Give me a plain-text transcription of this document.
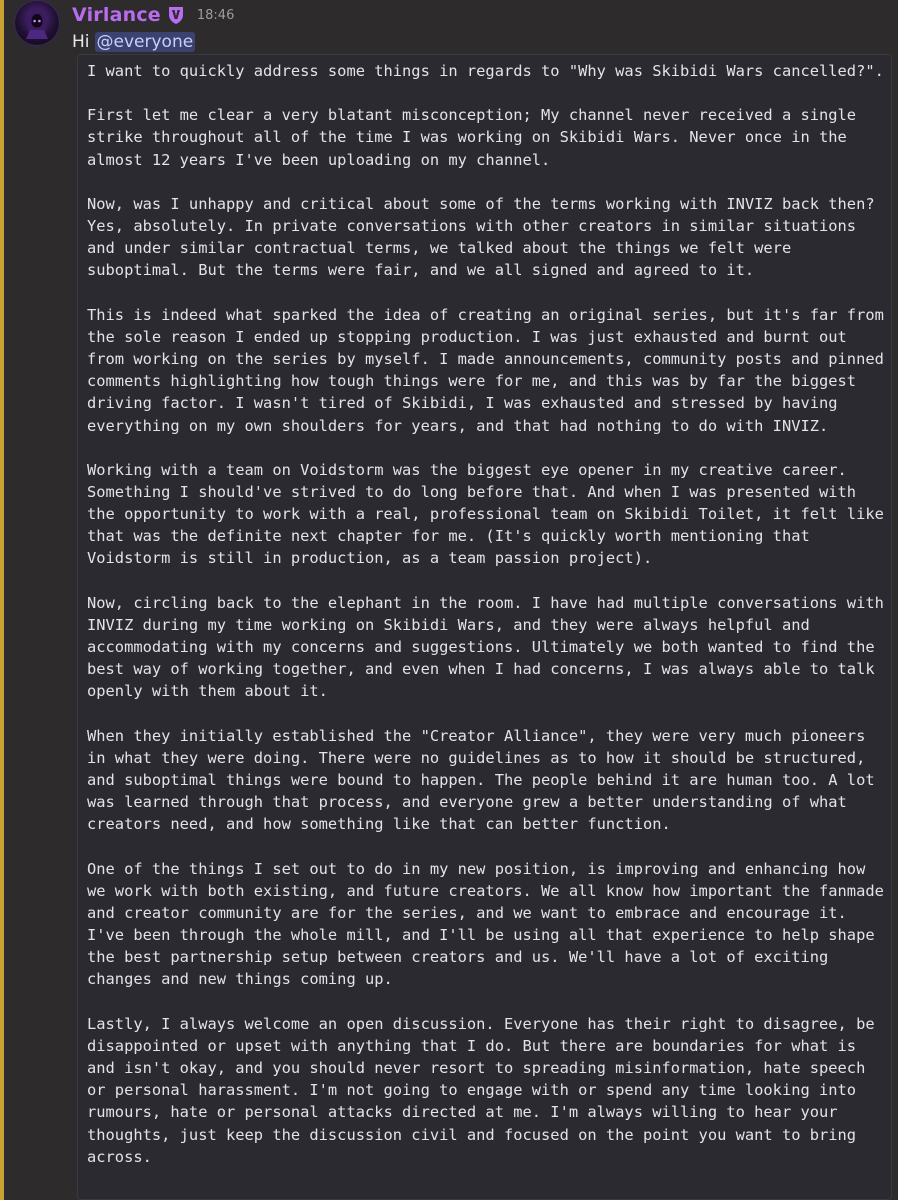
Virlance	18:46
Hi @everyone
I want to quickly address some things in regards to "Why was Skibidi Wars cancelled?".

First let me clear a very blatant misconception; My channel never received a single
strike throughout all of the time I was working on Skibidi Wars. Never once in the
almost 12 years I've been uploading on my channel.

Now, was I unhappy and critical about some of the terms working with INVIZ back then?
Yes, absolutely. In private conversations with other creators in similar situations
and under similar contractual terms, we talked about the things we felt were
suboptimal. But the terms were fair, and we all signed and agreed to it.

This is indeed what sparked the idea of creating an original series, but it's far from
the sole reason I ended up stopping production. I was just exhausted and burnt out
from working on the series by myself. I made announcements, community posts and pinned
comments highlighting how tough things were for me, and this was by far the biggest
driving factor. I wasn't tired of Skibidi, I was exhausted and stressed by having
everything on my own shoulders for years, and that had nothing to do with INVIZ.

Working with a team on Voidstorm was the biggest eye opener in my creative career.
Something I should've strived to do long before that. And when I was presented with
the opportunity to work with a real, professional team on Skibidi Toilet, it felt like
that was the definite next chapter for me. (It's quickly worth mentioning that
Voidstorm is still in production, as a team passion project).

Now, circling back to the elephant in the room. I have had multiple conversations with
INVIZ during my time working on Skibidi Wars, and they were always helpful and
accommodating with my concerns and suggestions. Ultimately we both wanted to find the
best way of working together, and even when I had concerns, I was always able to talk
openly with them about it.

When they initially established the "Creator Alliance", they were very much pioneers
in what they were doing. There were no guidelines as to how it should be structured,
and suboptimal things were bound to happen. The people behind it are human too. A lot
was learned through that process, and everyone grew a better understanding of what
creators need, and how something like that can better function.

One of the things I set out to do in my new position, is improving and enhancing how
we work with both existing, and future creators. We all know how important the fanmade
and creator community are for the series, and we want to embrace and encourage it.
I've been through the whole mill, and I'll be using all that experience to help shape
the best partnership setup between creators and us. We'll have a lot of exciting
changes and new things coming up.

Lastly, I always welcome an open discussion. Everyone has their right to disagree, be
disappointed or upset with anything that I do. But there are boundaries for what is
and isn't okay, and you should never resort to spreading misinformation, hate speech
or personal harassment. I'm not going to engage with or spend any time looking into
rumours, hate or personal attacks directed at me. I'm always willing to hear your
thoughts, just keep the discussion civil and focused on the point you want to bring
across.
